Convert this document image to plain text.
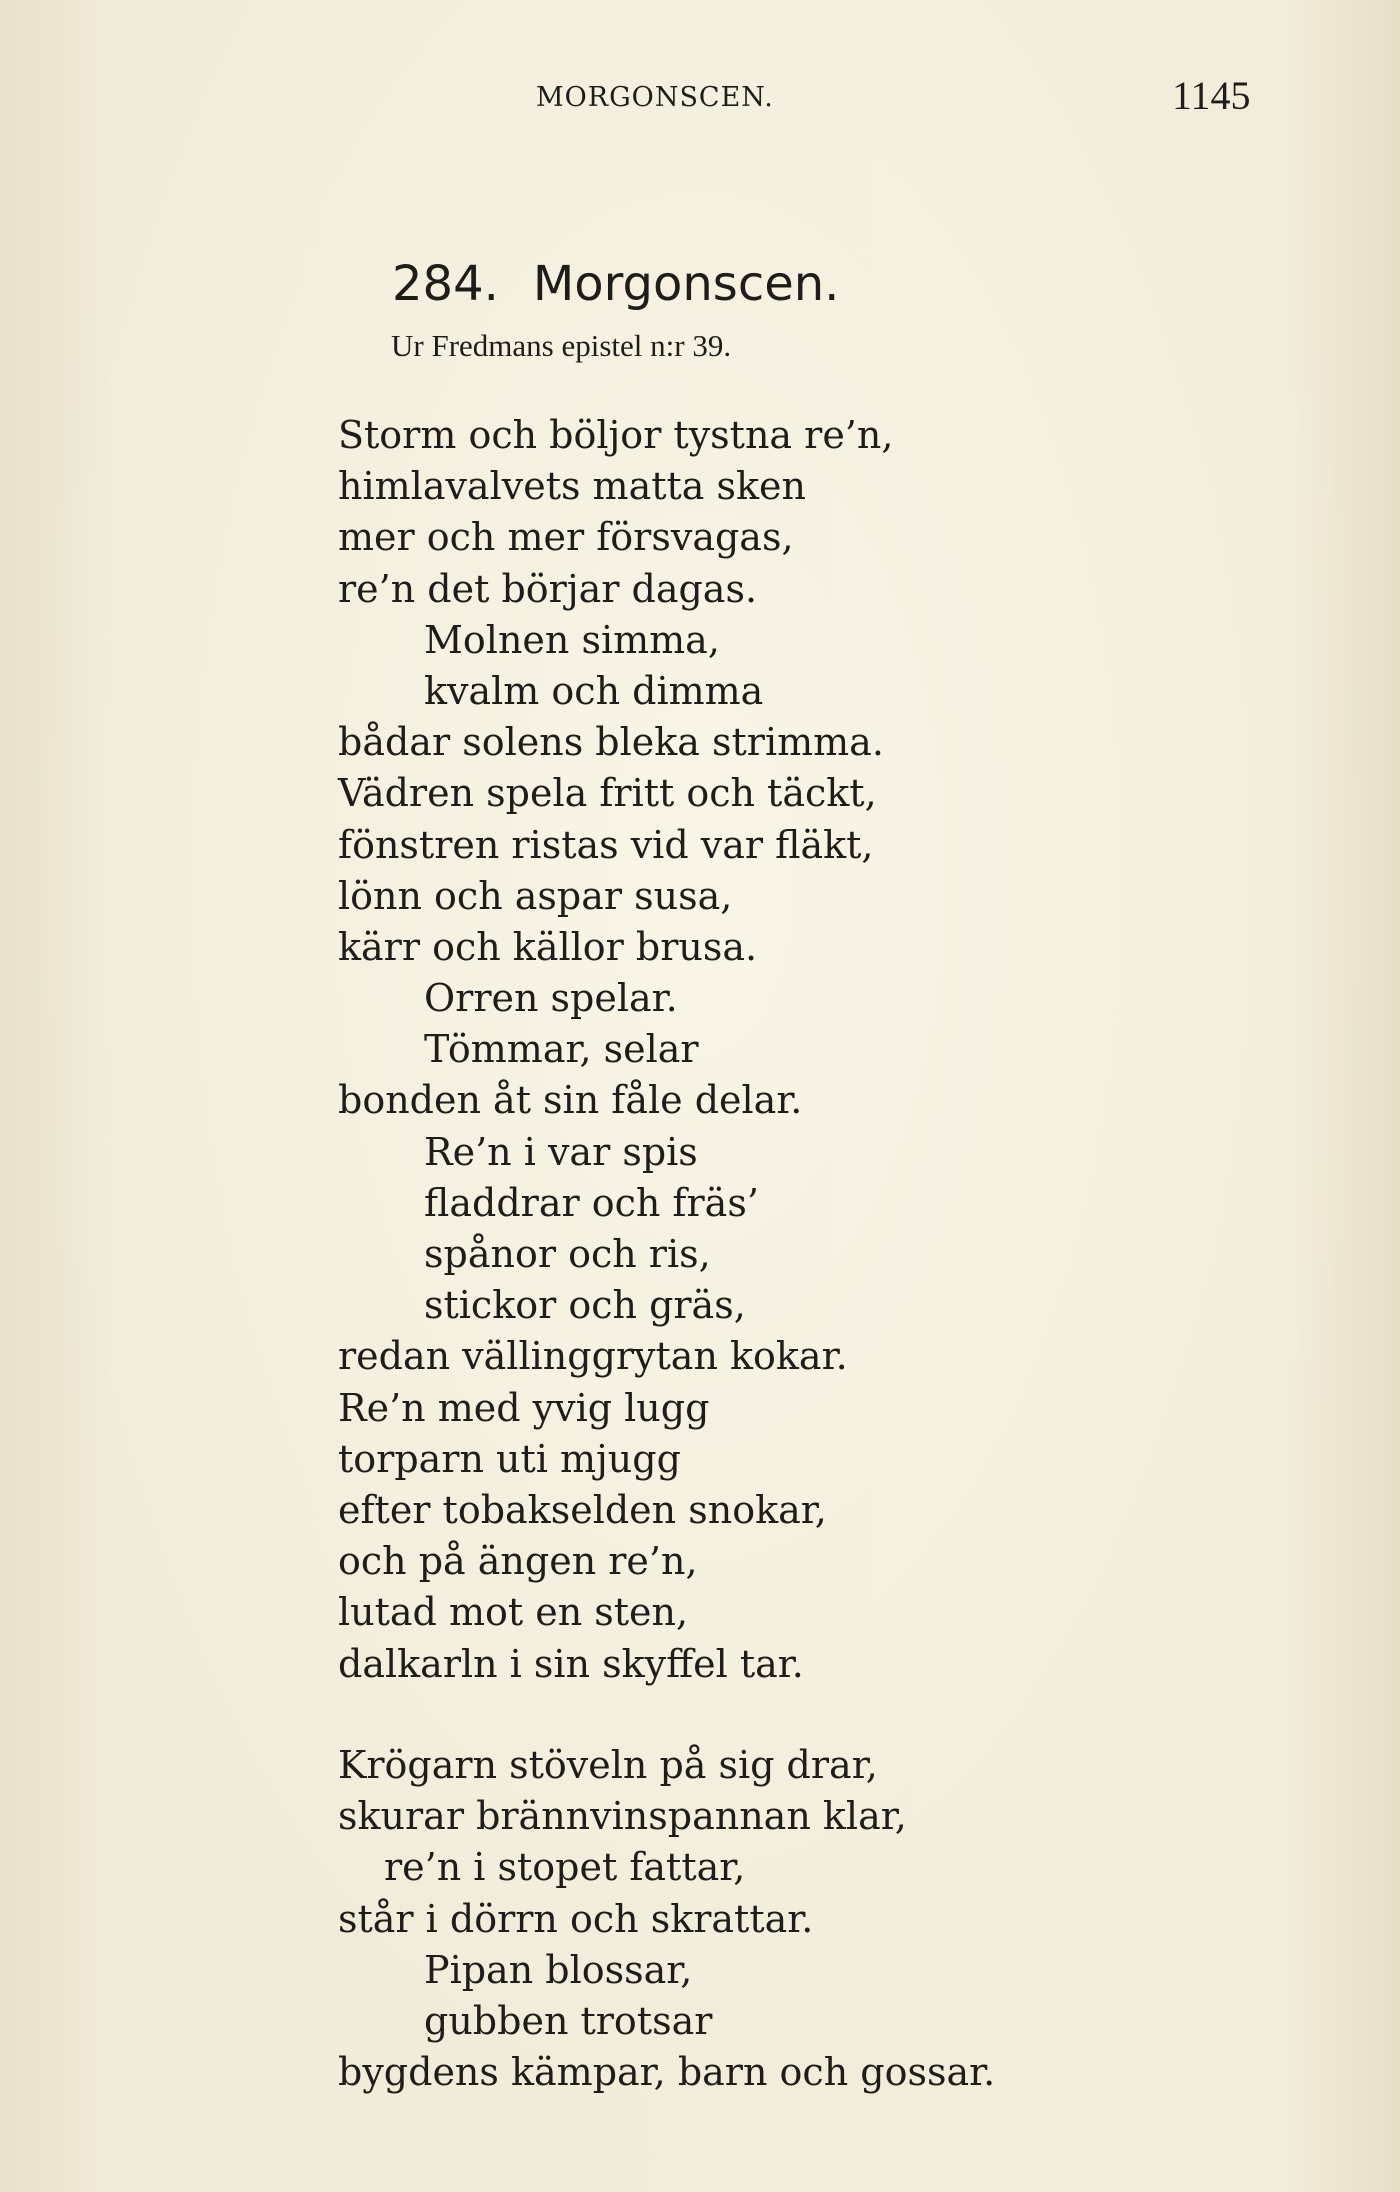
MORGONSCEN.	1145
284. Morgonscen.
Ur Fredmans epistel n:r 39.
Storm och böljor tystna re’n,
himlavalvets matta sken
mer och mer försvagas,
re’n det börjar dagas.
Molnen simma,
kvalm och dimma
bådar solens bleka strimma.
Vädren spela fritt och täckt,
fönstren ristas vid var fläkt,
lönn och aspar susa,
kärr och källor brusa.
Orren spelar.
Tömmar, selar
bonden åt sin fåle delar.
Re’n i var spis
fladdrar och fräs’
spånor och ris,
stickor och gräs,
redan vällinggrytan kokar.
Re’n med yvig lugg
torparn uti mjugg
efter tobakselden snokar,
och på ängen re’n,
lutad mot en sten,
dalkarln i sin skyffel tar.
Krögarn stöveln på sig drar,
skurar brännvinspannan klar,
re’n i stopet fattar,
står i dörrn och skrattar.
Pipan blossar,
gubben trotsar
bygdens kämpar, barn och gossar.
